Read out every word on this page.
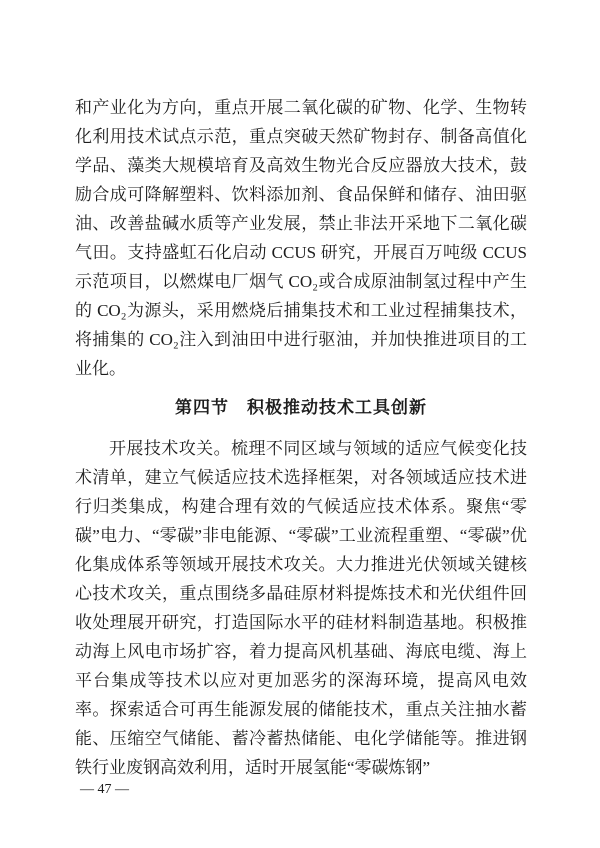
和产业化为方向，重点开展二氧化碳的矿物、化学、生物转化利用技术试点示范，重点突破天然矿物封存、制备高值化学品、藻类大规模培育及高效生物光合反应器放大技术，鼓励合成可降解塑料、饮料添加剂、食品保鲜和储存、油田驱油、改善盐碱水质等产业发展，禁止非法开采地下二氧化碳气田。支持盛虹石化启动 CCUS 研究，开展百万吨级 CCUS 示范项目，以燃煤电厂烟气 CO₂或合成原油制氢过程中产生的 CO₂为源头，采用燃烧后捕集技术和工业过程捕集技术，将捕集的 CO₂注入到油田中进行驱油，并加快推进项目的工业化。

第四节　积极推动技术工具创新

开展技术攻关。梳理不同区域与领域的适应气候变化技术清单，建立气候适应技术选择框架，对各领域适应技术进行归类集成，构建合理有效的气候适应技术体系。聚焦“零碳”电力、“零碳”非电能源、“零碳”工业流程重塑、“零碳”优化集成体系等领域开展技术攻关。大力推进光伏领域关键核心技术攻关，重点围绕多晶硅原材料提炼技术和光伏组件回收处理展开研究，打造国际水平的硅材料制造基地。积极推动海上风电市场扩容，着力提高风机基础、海底电缆、海上平台集成等技术以应对更加恶劣的深海环境，提高风电效率。探索适合可再生能源发展的储能技术，重点关注抽水蓄能、压缩空气储能、蓄冷蓄热储能、电化学储能等。推进钢铁行业废钢高效利用，适时开展氢能“零碳炼钢”

— 47 —
